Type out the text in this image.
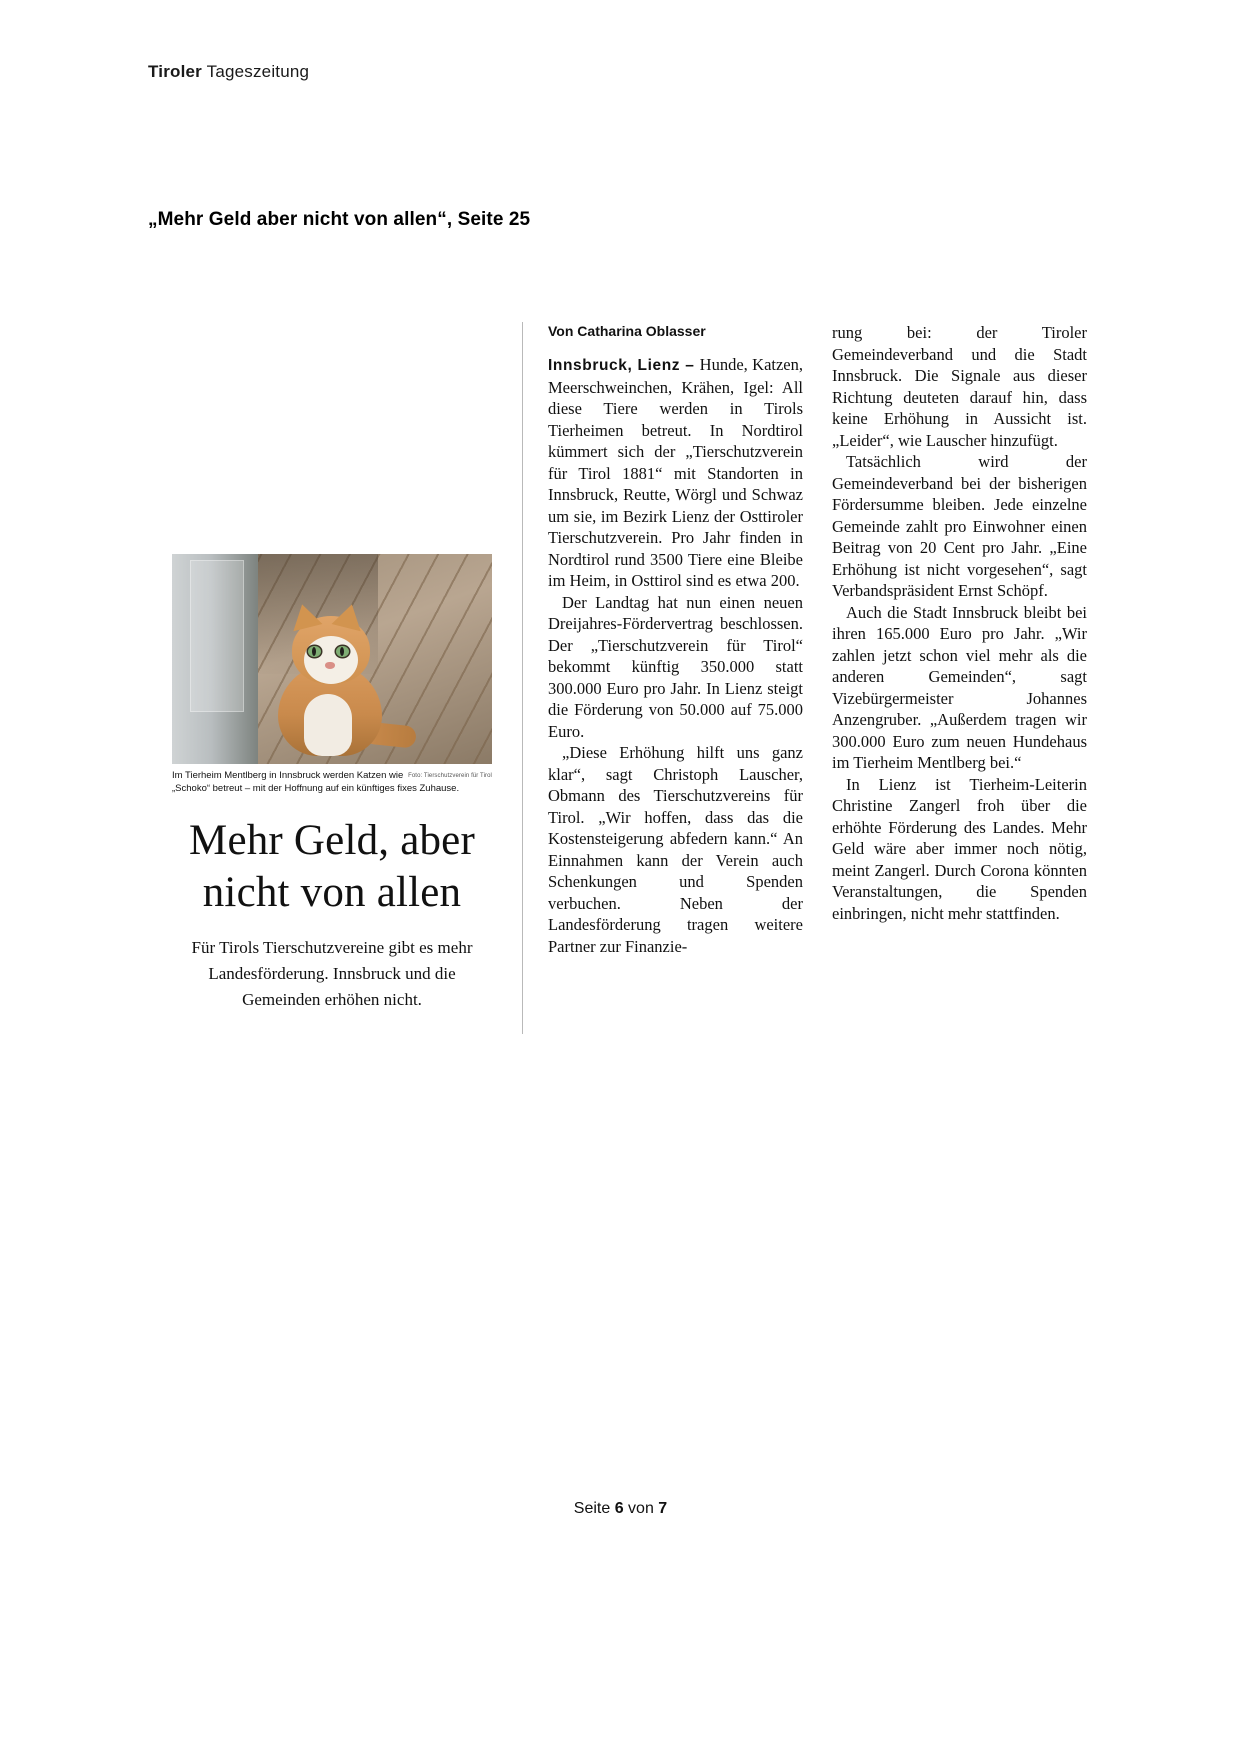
Tiroler Tageszeitung
„Mehr Geld aber nicht von allen“, Seite 25
Foto: Tierschutzverein für Tirol
Im Tierheim Mentlberg in Innsbruck werden Katzen wie „Schoko“ betreut – mit der Hoffnung auf ein künftiges fixes Zuhause.
Mehr Geld, aber nicht von allen
Für Tirols Tierschutzvereine gibt es mehr Landesförderung. Innsbruck und die Gemeinden erhöhen nicht.
Von Catharina Oblasser

Innsbruck, Lienz – Hunde, Katzen, Meerschweinchen, Krähen, Igel: All diese Tiere werden in Tirols Tierheimen betreut. In Nordtirol kümmert sich der „Tierschutzverein für Tirol 1881“ mit Standorten in Innsbruck, Reutte, Wörgl und Schwaz um sie, im Bezirk Lienz der Osttiroler Tierschutzverein. Pro Jahr finden in Nordtirol rund 3500 Tiere eine Bleibe im Heim, in Osttirol sind es etwa 200.

Der Landtag hat nun einen neuen Dreijahres-Fördervertrag beschlossen. Der „Tierschutzverein für Tirol“ bekommt künftig 350.000 statt 300.000 Euro pro Jahr. In Lienz steigt die Förderung von 50.000 auf 75.000 Euro.

„Diese Erhöhung hilft uns ganz klar“, sagt Christoph Lauscher, Obmann des Tierschutzvereins für Tirol. „Wir hoffen, dass das die Kostensteigerung abfedern kann.“ An Einnahmen kann der Verein auch Schenkungen und Spenden verbuchen. Neben der Landesförderung tragen weitere Partner zur Finanzie-

rung bei: der Tiroler Gemeindeverband und die Stadt Innsbruck. Die Signale aus dieser Richtung deuteten darauf hin, dass keine Erhöhung in Aussicht ist. „Leider“, wie Lauscher hinzufügt.

Tatsächlich wird der Gemeindeverband bei der bisherigen Fördersumme bleiben. Jede einzelne Gemeinde zahlt pro Einwohner einen Beitrag von 20 Cent pro Jahr. „Eine Erhöhung ist nicht vorgesehen“, sagt Verbandspräsident Ernst Schöpf.

Auch die Stadt Innsbruck bleibt bei ihren 165.000 Euro pro Jahr. „Wir zahlen jetzt schon viel mehr als die anderen Gemeinden“, sagt Vizebürgermeister Johannes Anzengruber. „Außerdem tragen wir 300.000 Euro zum neuen Hundehaus im Tierheim Mentlberg bei.“

In Lienz ist Tierheim-Leiterin Christine Zangerl froh über die erhöhte Förderung des Landes. Mehr Geld wäre aber immer noch nötig, meint Zangerl. Durch Corona könnten Veranstaltungen, die Spenden einbringen, nicht mehr stattfinden.

Seite 6 von 7
